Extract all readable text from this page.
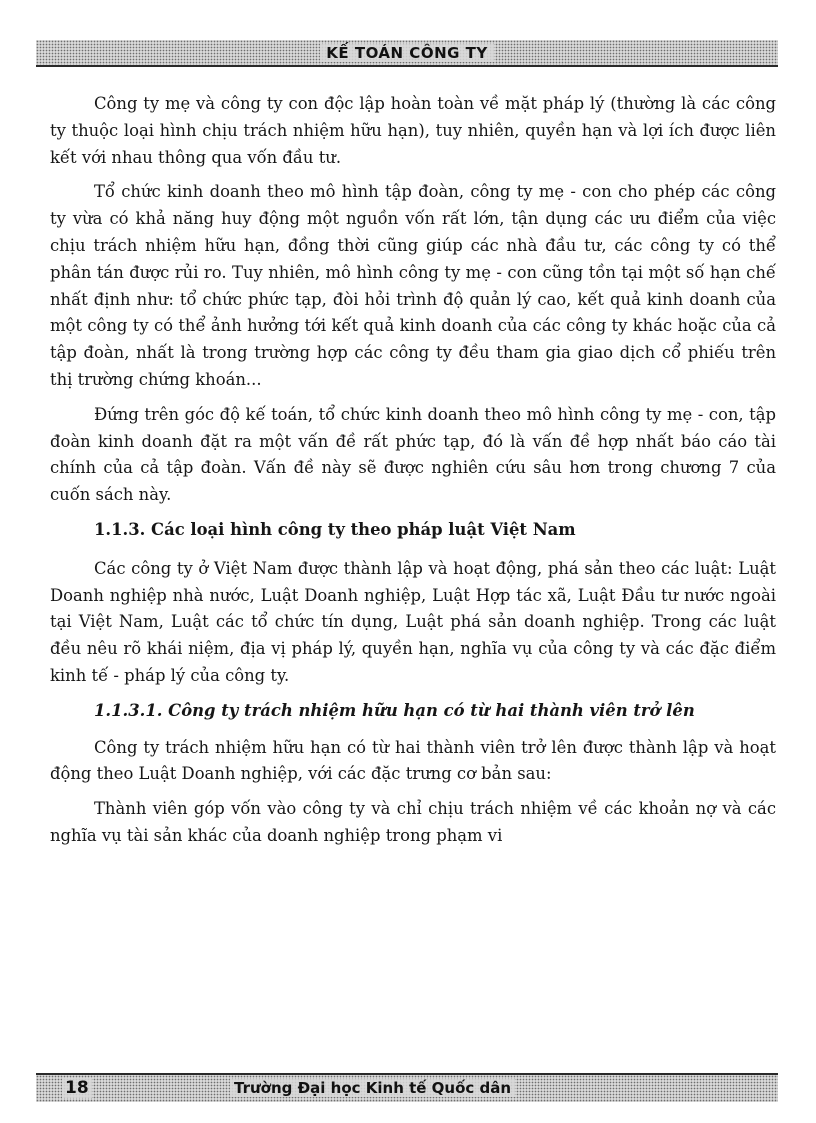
KẾ TOÁN CÔNG TY

Công ty mẹ và công ty con độc lập hoàn toàn về mặt pháp lý (thường là các công ty thuộc loại hình chịu trách nhiệm hữu hạn), tuy nhiên, quyền hạn và lợi ích được liên kết với nhau thông qua vốn đầu tư.

Tổ chức kinh doanh theo mô hình tập đoàn, công ty mẹ - con cho phép các công ty vừa có khả năng huy động một nguồn vốn rất lớn, tận dụng các ưu điểm của việc chịu trách nhiệm hữu hạn, đồng thời cũng giúp các nhà đầu tư, các công ty có thể phân tán được rủi ro. Tuy nhiên, mô hình công ty mẹ - con cũng tồn tại một số hạn chế nhất định như: tổ chức phức tạp, đòi hỏi trình độ quản lý cao, kết quả kinh doanh của một công ty có thể ảnh hưởng tới kết quả kinh doanh của các công ty khác hoặc của cả tập đoàn, nhất là trong trường hợp các công ty đều tham gia giao dịch cổ phiếu trên thị trường chứng khoán...

Đứng trên góc độ kế toán, tổ chức kinh doanh theo mô hình công ty mẹ - con, tập đoàn kinh doanh đặt ra một vấn đề rất phức tạp, đó là vấn đề hợp nhất báo cáo tài chính của cả tập đoàn. Vấn đề này sẽ được nghiên cứu sâu hơn trong chương 7 của cuốn sách này.

1.1.3. Các loại hình công ty theo pháp luật Việt Nam

Các công ty ở Việt Nam được thành lập và hoạt động, phá sản theo các luật: Luật Doanh nghiệp nhà nước, Luật Doanh nghiệp, Luật Hợp tác xã, Luật Đầu tư nước ngoài tại Việt Nam, Luật các tổ chức tín dụng, Luật phá sản doanh nghiệp. Trong các luật đều nêu rõ khái niệm, địa vị pháp lý, quyền hạn, nghĩa vụ của công ty và các đặc điểm kinh tế - pháp lý của công ty.

1.1.3.1. Công ty trách nhiệm hữu hạn có từ hai thành viên trở lên

Công ty trách nhiệm hữu hạn có từ hai thành viên trở lên được thành lập và hoạt động theo Luật Doanh nghiệp, với các đặc trưng cơ bản sau:

Thành viên góp vốn vào công ty và chỉ chịu trách nhiệm về các khoản nợ và các nghĩa vụ tài sản khác của doanh nghiệp trong phạm vi

18	Trường Đại học Kinh tế Quốc dân
